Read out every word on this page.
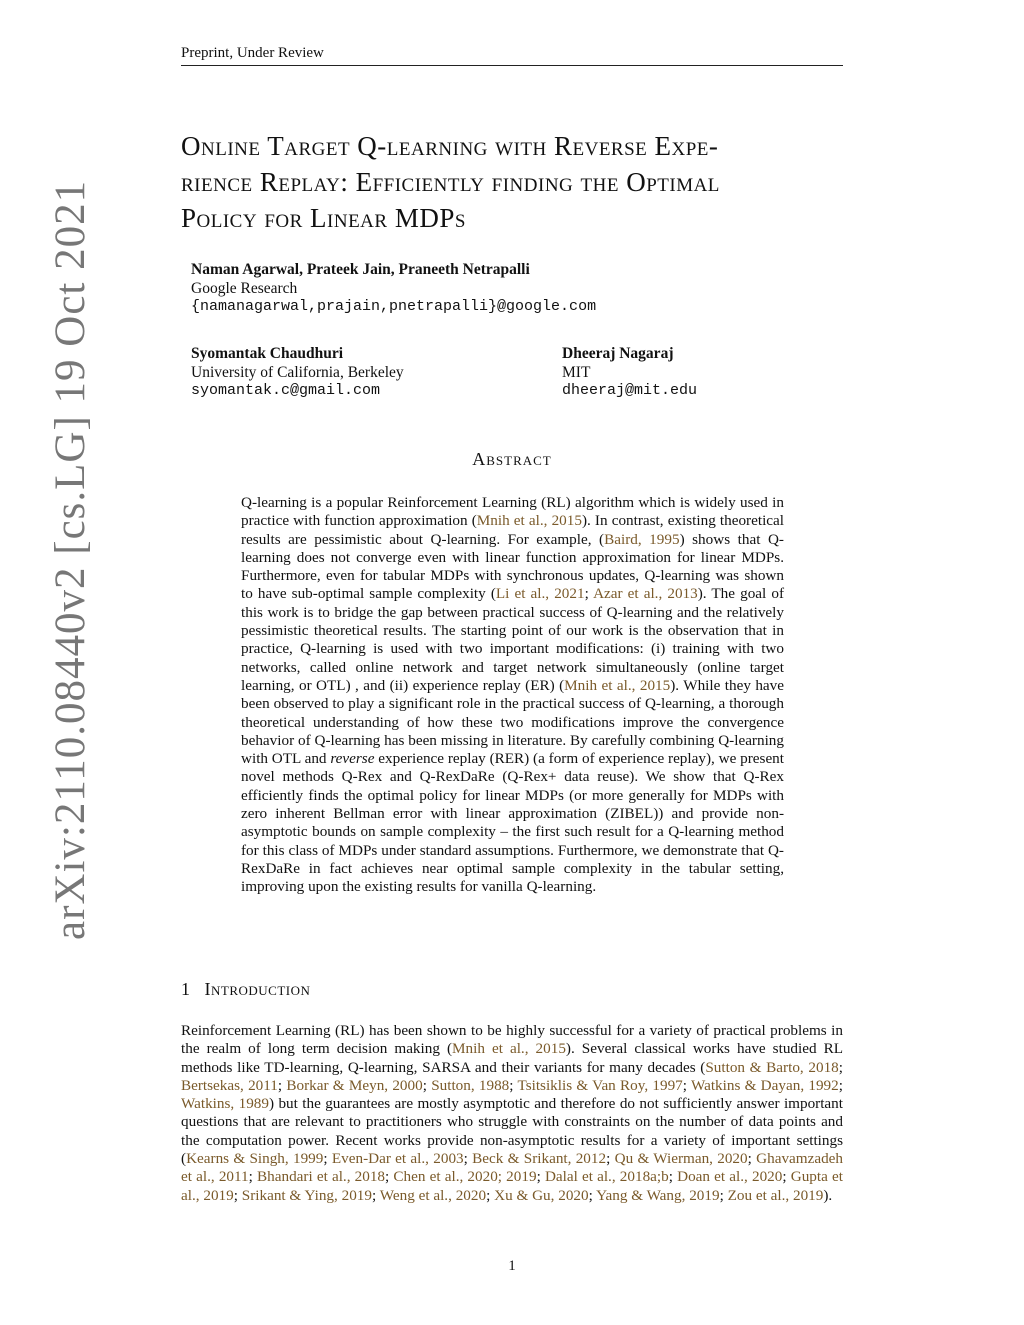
Preprint, Under Review
arXiv:2110.08440v2 [cs.LG] 19 Oct 2021
Online Target Q-learning with Reverse Expe-
rience Replay: Efficiently finding the Optimal
Policy for Linear MDPs
Naman Agarwal, Prateek Jain, Praneeth Netrapalli
Google Research
{namanagarwal,prajain,pnetrapalli}@google.com
Syomantak Chaudhuri
University of California, Berkeley
syomantak.c@gmail.com
Dheeraj Nagaraj
MIT
dheeraj@mit.edu
Abstract
Q-learning is a popular Reinforcement Learning (RL) algorithm which is widely used in practice with function approximation (Mnih et al., 2015). In contrast, existing theoretical results are pessimistic about Q-learning. For example, (Baird, 1995) shows that Q-learning does not converge even with linear function approximation for linear MDPs. Furthermore, even for tabular MDPs with synchronous updates, Q-learning was shown to have sub-optimal sample complexity (Li et al., 2021; Azar et al., 2013). The goal of this work is to bridge the gap between practical success of Q-learning and the relatively pessimistic theoretical results. The starting point of our work is the observation that in practice, Q-learning is used with two important modifications: (i) training with two networks, called online network and target network simultaneously (online target learning, or OTL) , and (ii) experience replay (ER) (Mnih et al., 2015). While they have been observed to play a significant role in the practical success of Q-learning, a thorough theoretical understanding of how these two modifications improve the convergence behavior of Q-learning has been missing in literature. By carefully combining Q-learning with OTL and reverse experience replay (RER) (a form of experience replay), we present novel methods Q-Rex and Q-RexDaRe (Q-Rex+ data reuse). We show that Q-Rex efficiently finds the optimal policy for linear MDPs (or more generally for MDPs with zero inherent Bellman error with linear approximation (ZIBEL)) and provide non-asymptotic bounds on sample complexity – the first such result for a Q-learning method for this class of MDPs under standard assumptions. Furthermore, we demonstrate that Q-RexDaRe in fact achieves near optimal sample complexity in the tabular setting, improving upon the existing results for vanilla Q-learning.
1 Introduction
Reinforcement Learning (RL) has been shown to be highly successful for a variety of practical problems in the realm of long term decision making (Mnih et al., 2015). Several classical works have studied RL methods like TD-learning, Q-learning, SARSA and their variants for many decades (Sutton & Barto, 2018; Bertsekas, 2011; Borkar & Meyn, 2000; Sutton, 1988; Tsitsiklis & Van Roy, 1997; Watkins & Dayan, 1992; Watkins, 1989) but the guarantees are mostly asymptotic and therefore do not sufficiently answer important questions that are relevant to practitioners who struggle with constraints on the number of data points and the computation power. Recent works provide non-asymptotic results for a variety of important settings (Kearns & Singh, 1999; Even-Dar et al., 2003; Beck & Srikant, 2012; Qu & Wierman, 2020; Ghavamzadeh et al., 2011; Bhandari et al., 2018; Chen et al., 2020; 2019; Dalal et al., 2018a;b; Doan et al., 2020; Gupta et al., 2019; Srikant & Ying, 2019; Weng et al., 2020; Xu & Gu, 2020; Yang & Wang, 2019; Zou et al., 2019).
1
